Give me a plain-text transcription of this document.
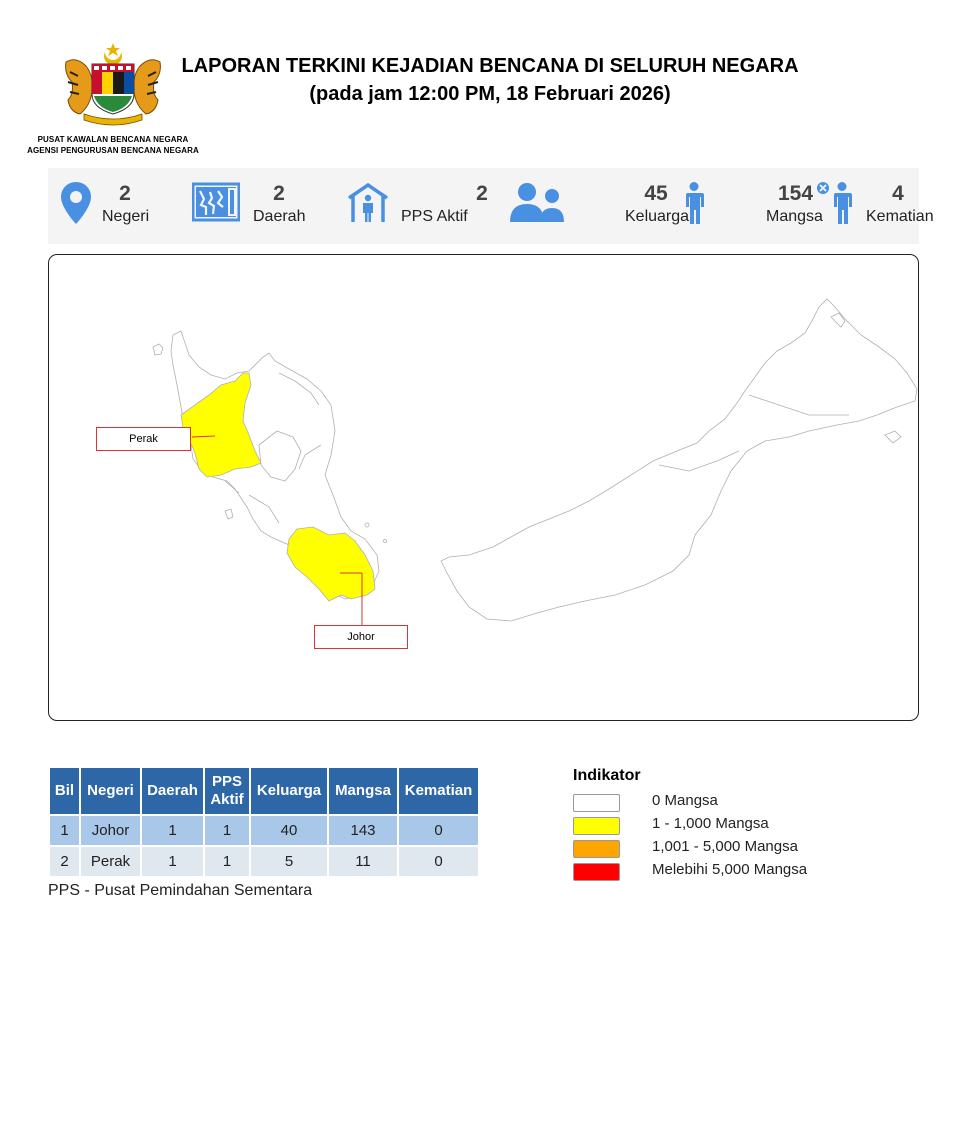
PUSAT KAWALAN BENCANA NEGARA
AGENSI PENGURUSAN BENCANA NEGARA
LAPORAN TERKINI KEJADIAN BENCANA DI SELURUH NEGARA
(pada jam 12:00 PM, 18 Februari 2026)
2
Negeri
2
Daerah
2
PPS Aktif
45
Keluarga
154
Mangsa
4
Kematian
Perak
Johor
Bil	Negeri	Daerah	PPS Aktif	Keluarga	Mangsa	Kematian
1	Johor	1	1	40	143	0
2	Perak	1	1	5	11	0
PPS - Pusat Pemindahan Sementara
Indikator
0 Mangsa
1 - 1,000 Mangsa
1,001 - 5,000 Mangsa
Melebihi 5,000 Mangsa
